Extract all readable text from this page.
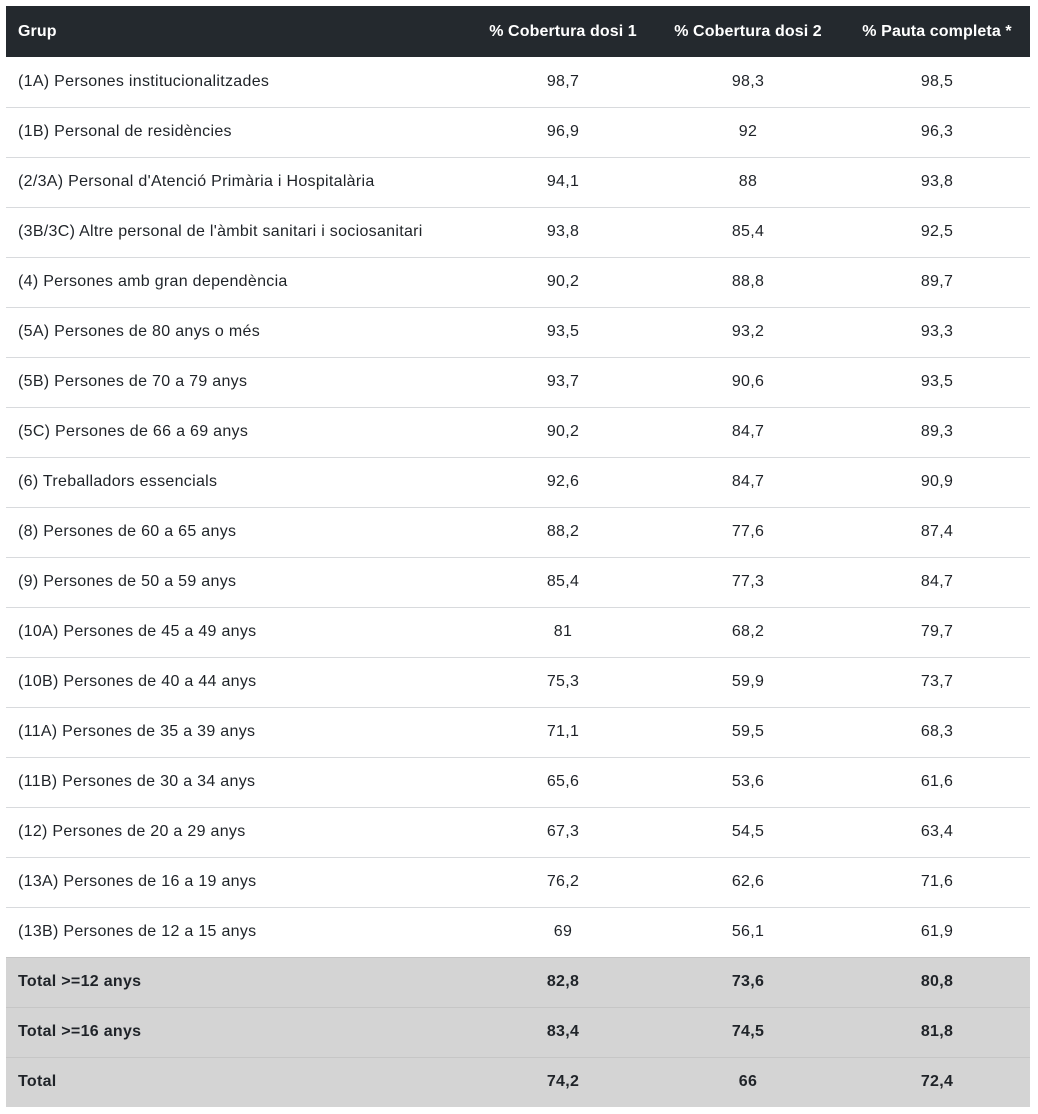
Grup	% Cobertura dosi 1	% Cobertura dosi 2	% Pauta completa *
(1A) Persones institucionalitzades	98,7	98,3	98,5
(1B) Personal de residències	96,9	92	96,3
(2/3A) Personal d'Atenció Primària i Hospitalària	94,1	88	93,8
(3B/3C) Altre personal de l'àmbit sanitari i sociosanitari	93,8	85,4	92,5
(4) Persones amb gran dependència	90,2	88,8	89,7
(5A) Persones de 80 anys o més	93,5	93,2	93,3
(5B) Persones de 70 a 79 anys	93,7	90,6	93,5
(5C) Persones de 66 a 69 anys	90,2	84,7	89,3
(6) Treballadors essencials	92,6	84,7	90,9
(8) Persones de 60 a 65 anys	88,2	77,6	87,4
(9) Persones de 50 a 59 anys	85,4	77,3	84,7
(10A) Persones de 45 a 49 anys	81	68,2	79,7
(10B) Persones de 40 a 44 anys	75,3	59,9	73,7
(11A) Persones de 35 a 39 anys	71,1	59,5	68,3
(11B) Persones de 30 a 34 anys	65,6	53,6	61,6
(12) Persones de 20 a 29 anys	67,3	54,5	63,4
(13A) Persones de 16 a 19 anys	76,2	62,6	71,6
(13B) Persones de 12 a 15 anys	69	56,1	61,9
Total >=12 anys	82,8	73,6	80,8
Total >=16 anys	83,4	74,5	81,8
Total	74,2	66	72,4
